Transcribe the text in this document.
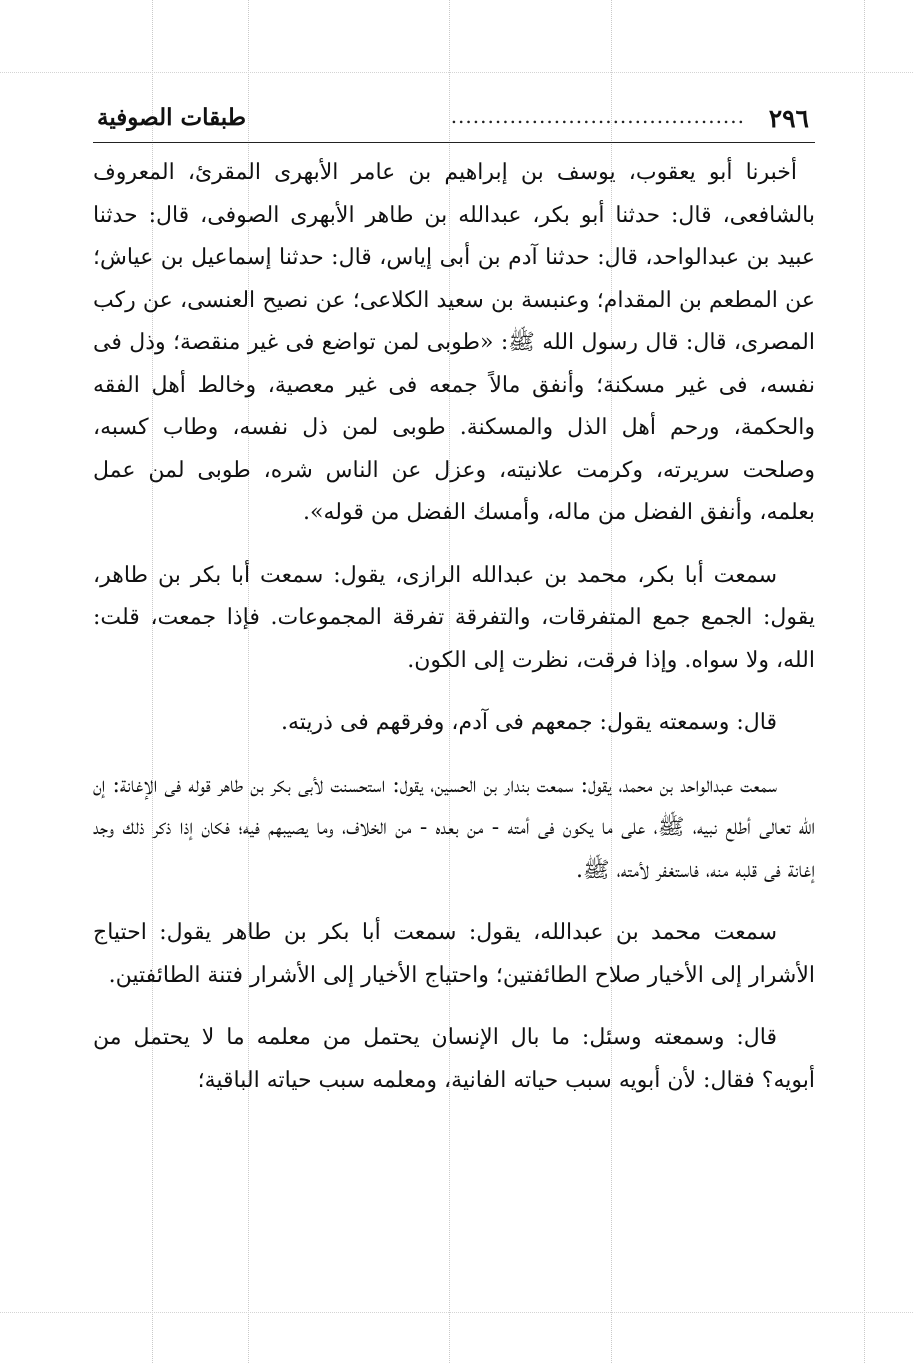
٢٩٦
........................................
طبقات الصوفية

أخبرنا أبو يعقوب، يوسف بن إبراهيم بن عامر الأبهرى المقرئ، المعروف بالشافعى، قال: حدثنا أبو بكر، عبدالله بن طاهر الأبهرى الصوفى، قال: حدثنا عبيد بن عبدالواحد، قال: حدثنا آدم بن أبى إياس، قال: حدثنا إسماعيل بن عياش؛ عن المطعم بن المقدام؛ وعنبسة بن سعيد الكلاعى؛ عن نصيح العنسى، عن ركب المصرى، قال: قال رسول الله ﷺ: «طوبى لمن تواضع فى غير منقصة؛ وذل فى نفسه، فى غير مسكنة؛ وأنفق مالاً جمعه فى غير معصية، وخالط أهل الفقه والحكمة، ورحم أهل الذل والمسكنة. طوبى لمن ذل نفسه، وطاب كسبه، وصلحت سريرته، وكرمت علانيته، وعزل عن الناس شره، طوبى لمن عمل بعلمه، وأنفق الفضل من ماله، وأمسك الفضل من قوله».

سمعت أبا بكر، محمد بن عبدالله الرازى، يقول: سمعت أبا بكر بن طاهر، يقول: الجمع جمع المتفرقات، والتفرقة تفرقة المجموعات. فإذا جمعت، قلت: الله، ولا سواه. وإذا فرقت، نظرت إلى الكون.

قال: وسمعته يقول: جمعهم فى آدم، وفرقهم فى ذريته.

سمعت عبدالواحد بن محمد، يقول: سمعت بندار بن الحسين، يقول: استحسنت لأبى بكر بن طاهر قوله فى الإغانة: إن الله تعالى أطلع نبيه، ﷺ، على ما يكون فى أمته - من بعده - من الخلاف، وما يصيبهم فيه؛ فكان إذا ذكر ذلك وجد إغانة فى قلبه منه، فاستغفر لأمته، ﷺ.

سمعت محمد بن عبدالله، يقول: سمعت أبا بكر بن طاهر يقول: احتياج الأشرار إلى الأخيار صلاح الطائفتين؛ واحتياج الأخيار إلى الأشرار فتنة الطائفتين.

قال: وسمعته وسئل: ما بال الإنسان يحتمل من معلمه ما لا يحتمل من أبويه؟ فقال: لأن أبويه سبب حياته الفانية، ومعلمه سبب حياته الباقية؛
